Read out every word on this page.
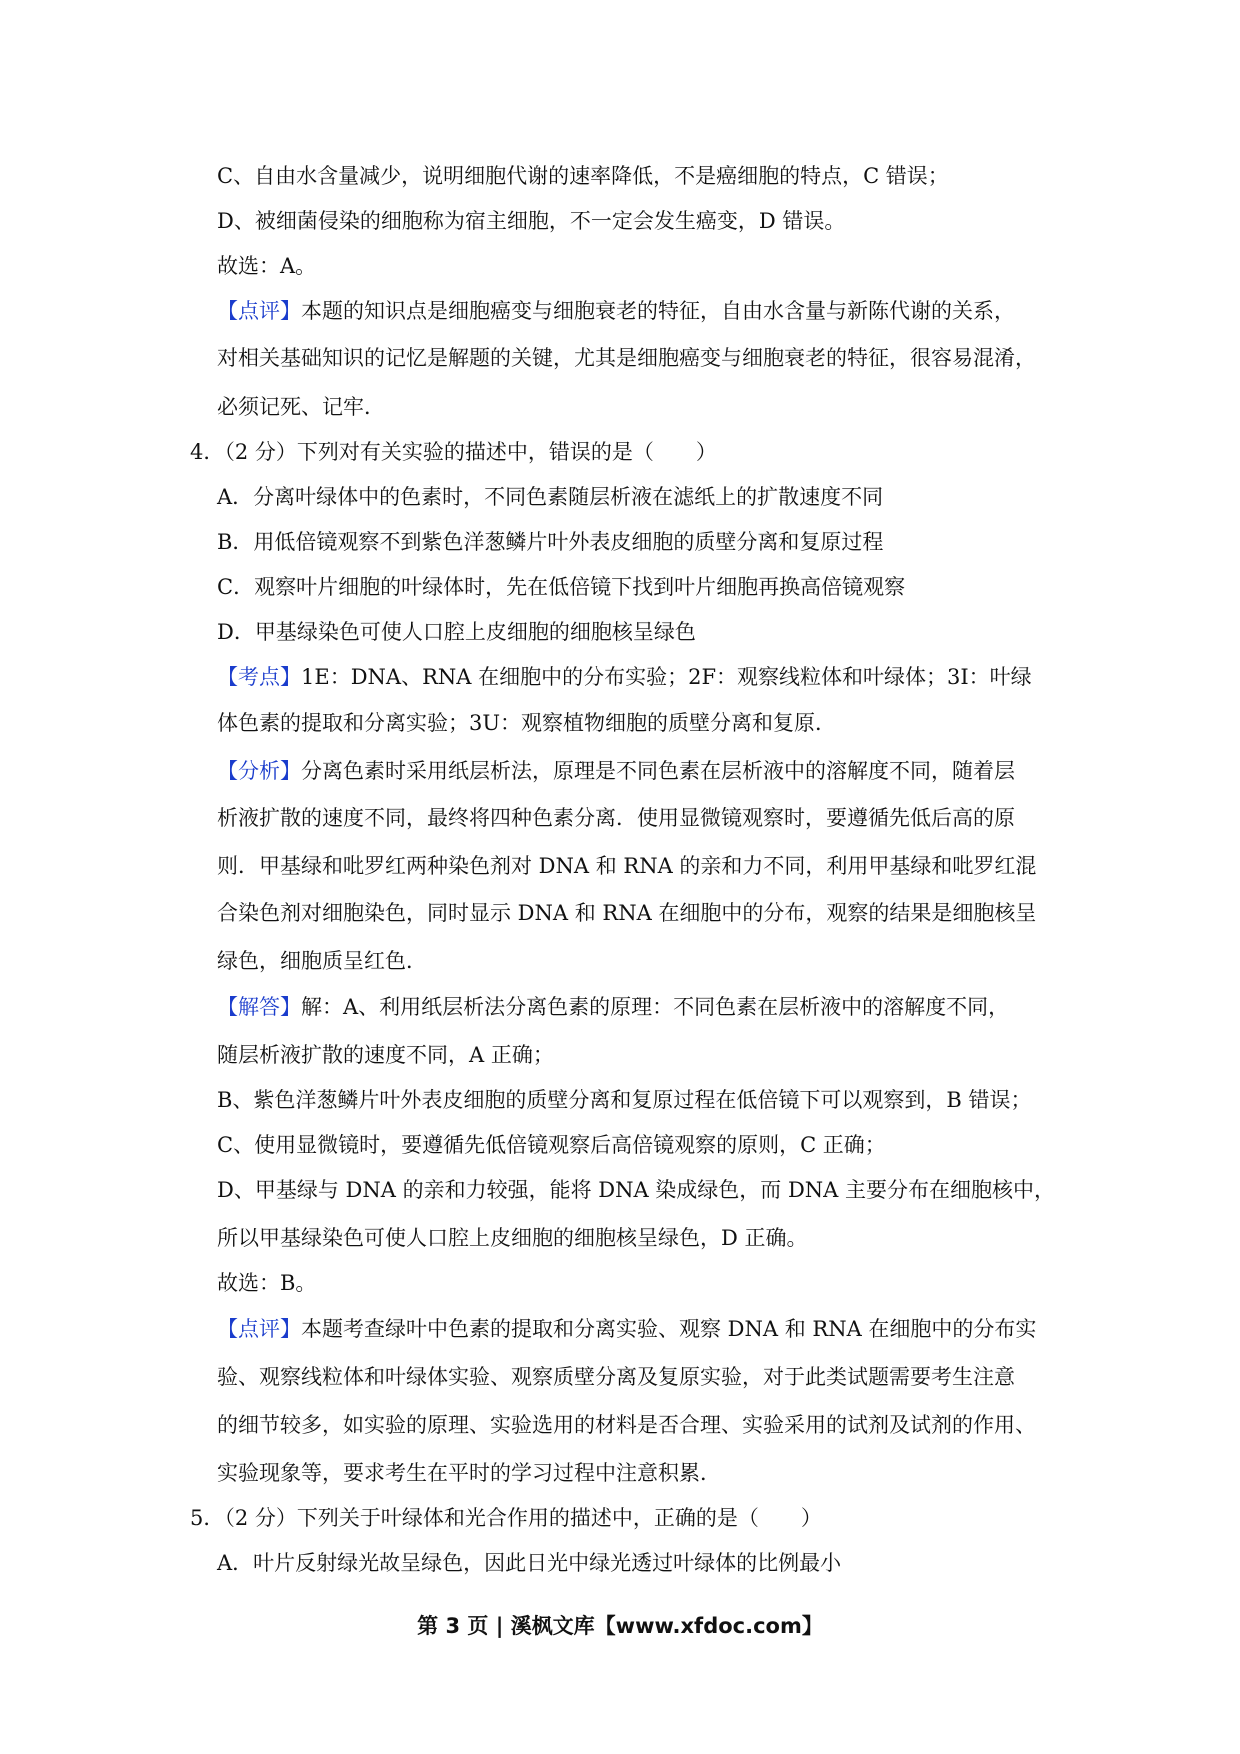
C、自由水含量减少，说明细胞代谢的速率降低，不是癌细胞的特点，C 错误；
D、被细菌侵染的细胞称为宿主细胞，不一定会发生癌变，D 错误。
故选：A。
【点评】本题的知识点是细胞癌变与细胞衰老的特征，自由水含量与新陈代谢的关系，
对相关基础知识的记忆是解题的关键，尤其是细胞癌变与细胞衰老的特征，很容易混淆，
必须记死、记牢．
4．（2 分）下列对有关实验的描述中，错误的是（　　）
A．分离叶绿体中的色素时，不同色素随层析液在滤纸上的扩散速度不同
B．用低倍镜观察不到紫色洋葱鳞片叶外表皮细胞的质壁分离和复原过程
C．观察叶片细胞的叶绿体时，先在低倍镜下找到叶片细胞再换高倍镜观察
D．甲基绿染色可使人口腔上皮细胞的细胞核呈绿色
【考点】1E：DNA、RNA 在细胞中的分布实验；2F：观察线粒体和叶绿体；3I：叶绿
体色素的提取和分离实验；3U：观察植物细胞的质壁分离和复原．
【分析】分离色素时采用纸层析法，原理是不同色素在层析液中的溶解度不同，随着层
析液扩散的速度不同，最终将四种色素分离．使用显微镜观察时，要遵循先低后高的原
则．甲基绿和吡罗红两种染色剂对 DNA 和 RNA 的亲和力不同，利用甲基绿和吡罗红混
合染色剂对细胞染色，同时显示 DNA 和 RNA 在细胞中的分布，观察的结果是细胞核呈
绿色，细胞质呈红色．
【解答】解：A、利用纸层析法分离色素的原理：不同色素在层析液中的溶解度不同，
随层析液扩散的速度不同，A 正确；
B、紫色洋葱鳞片叶外表皮细胞的质壁分离和复原过程在低倍镜下可以观察到，B 错误；
C、使用显微镜时，要遵循先低倍镜观察后高倍镜观察的原则，C 正确；
D、甲基绿与 DNA 的亲和力较强，能将 DNA 染成绿色，而 DNA 主要分布在细胞核中，
所以甲基绿染色可使人口腔上皮细胞的细胞核呈绿色，D 正确。
故选：B。
【点评】本题考查绿叶中色素的提取和分离实验、观察 DNA 和 RNA 在细胞中的分布实
验、观察线粒体和叶绿体实验、观察质壁分离及复原实验，对于此类试题需要考生注意
的细节较多，如实验的原理、实验选用的材料是否合理、实验采用的试剂及试剂的作用、
实验现象等，要求考生在平时的学习过程中注意积累．
5．（2 分）下列关于叶绿体和光合作用的描述中，正确的是（　　）
A．叶片反射绿光故呈绿色，因此日光中绿光透过叶绿体的比例最小
第 3 页 | 溪枫文库【www.xfdoc.com】
